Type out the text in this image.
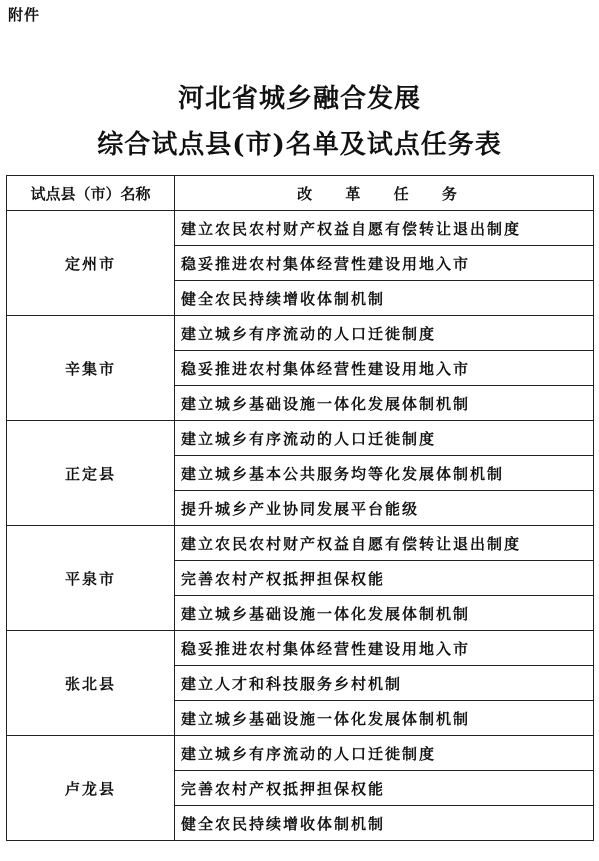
附件
河北省城乡融合发展
综合试点县(市)名单及试点任务表
试点县（市）名称	改 革 任 务
定州市	建立农民农村财产权益自愿有偿转让退出制度
	稳妥推进农村集体经营性建设用地入市
	健全农民持续增收体制机制
辛集市	建立城乡有序流动的人口迁徙制度
	稳妥推进农村集体经营性建设用地入市
	建立城乡基础设施一体化发展体制机制
正定县	建立城乡有序流动的人口迁徙制度
	建立城乡基本公共服务均等化发展体制机制
	提升城乡产业协同发展平台能级
平泉市	建立农民农村财产权益自愿有偿转让退出制度
	完善农村产权抵押担保权能
	建立城乡基础设施一体化发展体制机制
张北县	稳妥推进农村集体经营性建设用地入市
	建立人才和科技服务乡村机制
	建立城乡基础设施一体化发展体制机制
卢龙县	建立城乡有序流动的人口迁徙制度
	完善农村产权抵押担保权能
	健全农民持续增收体制机制
